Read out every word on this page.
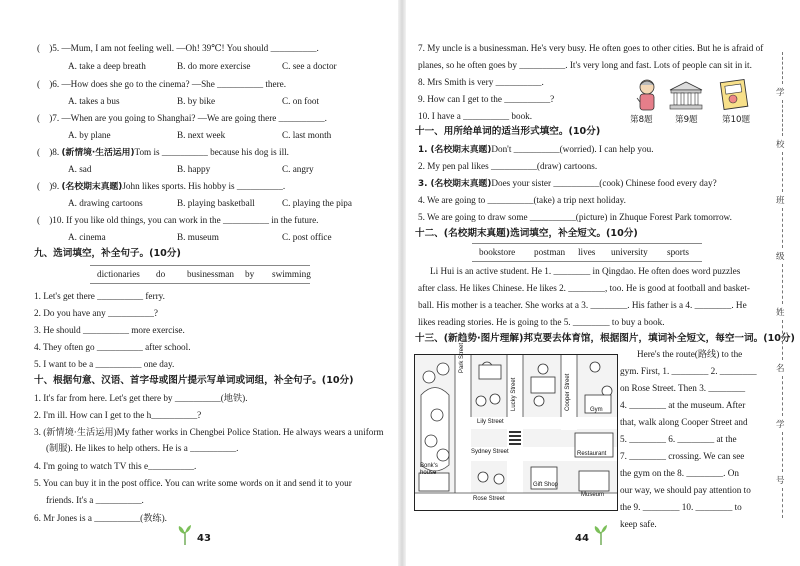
( )5. —Mum, I am not feeling well. —Oh! 39℃! You should __________.
A. take a deep breath	B. do more exercise	C. see a doctor
( )6. —How does she go to the cinema? —She __________ there.
A. takes a bus	B. by bike	C. on foot
( )7. —When are you going to Shanghai? —We are going there __________.
A. by plane	B. next week	C. last month
( )8. (新情境·生活运用)Tom is __________ because his dog is ill.
A. sad	B. happy	C. angry
( )9. (名校期末真题)John likes sports. His hobby is __________.
A. drawing cartoons	B. playing basketball	C. playing the pipa
( )10. If you like old things, you can work in the __________ in the future.
A. cinema	B. museum	C. post office
九、选词填空，补全句子。(10分)
dictionaries do businessman by swimming
1. Let's get there __________ ferry.
2. Do you have any __________?
3. He should __________ more exercise.
4. They often go __________ after school.
5. I want to be a __________ one day.
十、根据句意、汉语、首字母或图片提示写单词或词组，补全句子。(10分)
1. It's far from here. Let's get there by __________(地铁).
2. I'm ill. How can I get to the h__________?
3. (新情境·生活运用)My father works in Chengbei Police Station. He always wears a uniform
(制服). He likes to help others. He is a __________.
4. I'm going to watch TV this e__________.
5. You can buy it in the post office. You can write some words on it and send it to your
friends. It's a __________.
6. Mr Jones is a __________(教练).
43
7. My uncle is a businessman. He's very busy. He often goes to other cities. But he is afraid of
planes, so he often goes by __________. It's very long and fast. Lots of people can sit in it.
8. Mrs Smith is very __________.
9. How can I get to the __________?
10. I have a __________ book.	第8题	第9题	第10题
十一、用所给单词的适当形式填空。(10分)
1. (名校期末真题)Don't __________(worried). I can help you.
2. My pen pal likes __________(draw) cartoons.
3. (名校期末真题)Does your sister __________(cook) Chinese food every day?
4. We are going to __________(take) a trip next holiday.
5. We are going to draw some __________(picture) in Zhuque Forest Park tomorrow.
十二、(名校期末真题)选词填空，补全短文。(10分)
bookstore postman lives university sports
Li Hui is an active student. He 1. ________ in Qingdao. He often does word puzzles
after class. He likes Chinese. He likes 2. ________, too. He is good at football and basket-
ball. His mother is a teacher. She works at a 3. ________. His father is a 4. ________. He
likes reading stories. He is going to the 5. ________ to buy a book.
十三、(新趋势·图片理解)邦克要去体育馆，根据图片，填词补全短文，每空一词。(10分)
Here's the route(路线) to the
gym. First, 1. ________ 2. ________
on Rose Street. Then 3. ________
4. ________ at the museum. After
that, walk along Cooper Street and
5. ________ 6. ________ at the
7. ________ crossing. We can see
the gym on the 8. ________. On
our way, we should pay attention to
the 9. ________ 10. ________ to
keep safe.
Park Street
Lucky Street	Cooper Street
Lily Street
Sydney Street
Rose Street
Gym
Restaurant
Bonk's house
Gift Shop
Museum
44
学
校
班
级
姓
名
学
号
